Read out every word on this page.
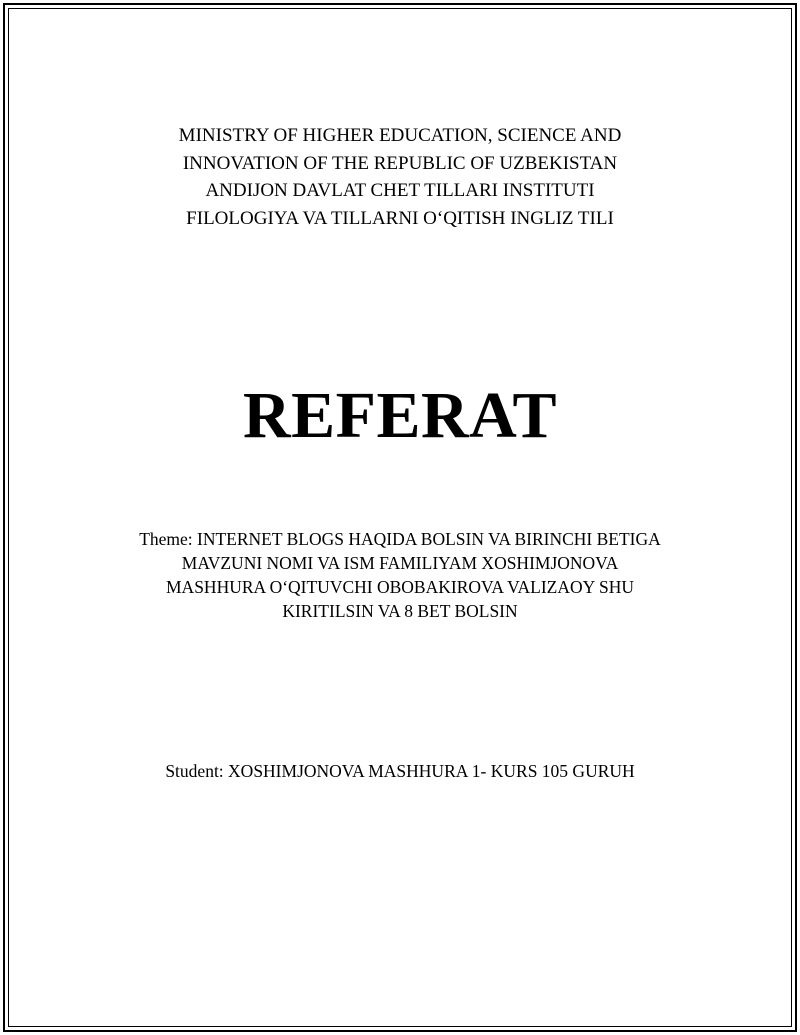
MINISTRY OF HIGHER EDUCATION, SCIENCE AND
INNOVATION OF THE REPUBLIC OF UZBEKISTAN
ANDIJON DAVLAT CHET TILLARI INSTITUTI
FILOLOGIYA VA TILLARNI O‘QITISH INGLIZ TILI
REFERAT
Theme: INTERNET BLOGS HAQIDA BOLSIN VA BIRINCHI BETIGA
MAVZUNI NOMI VA ISM FAMILIYAM XOSHIMJONOVA
MASHHURA O‘QITUVCHI OBOBAKIROVA VALIZAOY SHU
KIRITILSIN VA 8 BET BOLSIN
Student: XOSHIMJONOVA MASHHURA 1- KURS 105 GURUH
